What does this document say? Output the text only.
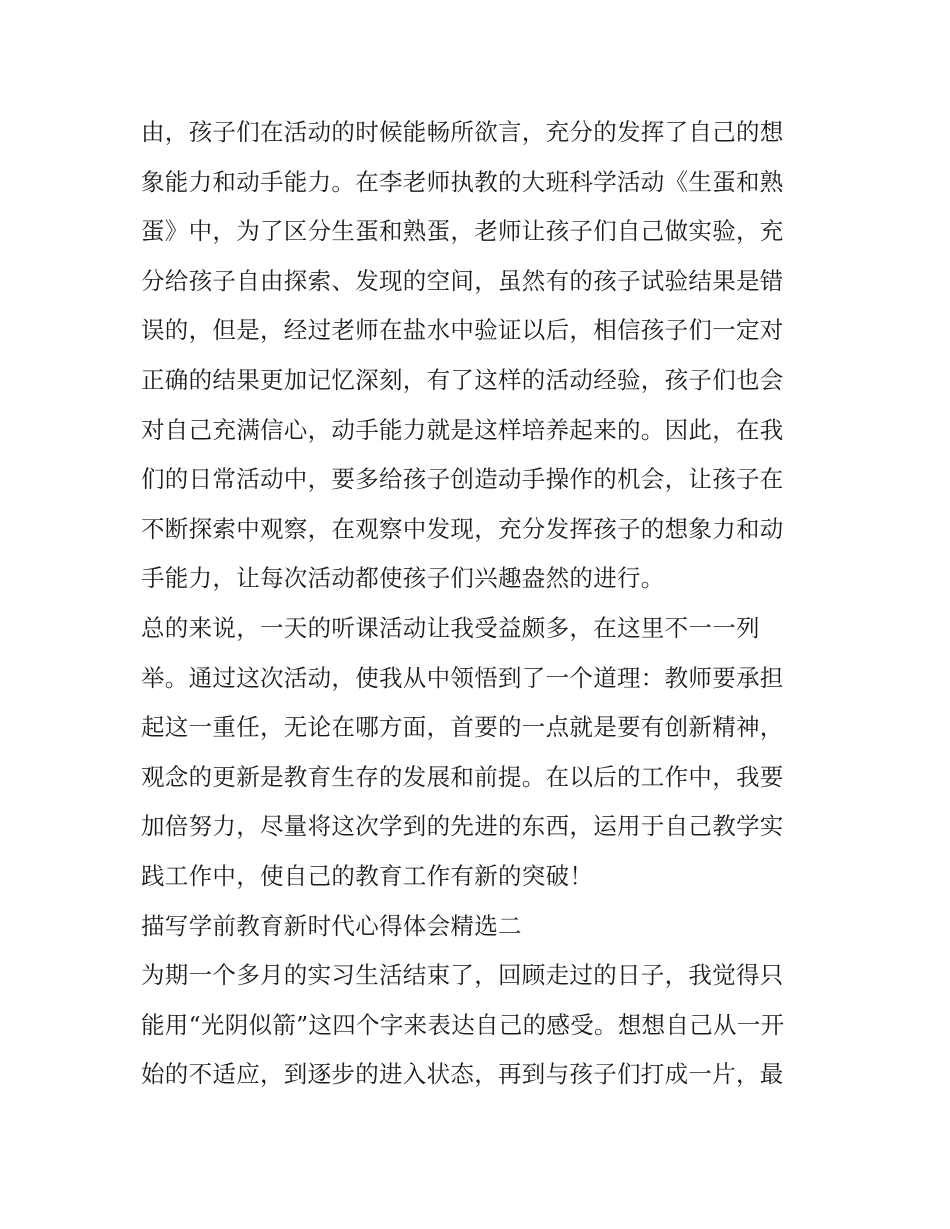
由，孩子们在活动的时候能畅所欲言，充分的发挥了自己的想
象能力和动手能力。在李老师执教的大班科学活动《生蛋和熟
蛋》中，为了区分生蛋和熟蛋，老师让孩子们自己做实验，充
分给孩子自由探索、发现的空间，虽然有的孩子试验结果是错
误的，但是，经过老师在盐水中验证以后，相信孩子们一定对
正确的结果更加记忆深刻，有了这样的活动经验，孩子们也会
对自己充满信心，动手能力就是这样培养起来的。因此，在我
们的日常活动中，要多给孩子创造动手操作的机会，让孩子在
不断探索中观察，在观察中发现，充分发挥孩子的想象力和动
手能力，让每次活动都使孩子们兴趣盎然的进行。
总的来说，一天的听课活动让我受益颇多，在这里不一一列
举。通过这次活动，使我从中领悟到了一个道理：教师要承担
起这一重任，无论在哪方面，首要的一点就是要有创新精神，
观念的更新是教育生存的发展和前提。在以后的工作中，我要
加倍努力，尽量将这次学到的先进的东西，运用于自己教学实
践工作中，使自己的教育工作有新的突破！
描写学前教育新时代心得体会精选二
为期一个多月的实习生活结束了，回顾走过的日子，我觉得只
能用“光阴似箭”这四个字来表达自己的感受。想想自己从一开
始的不适应，到逐步的进入状态，再到与孩子们打成一片，最
